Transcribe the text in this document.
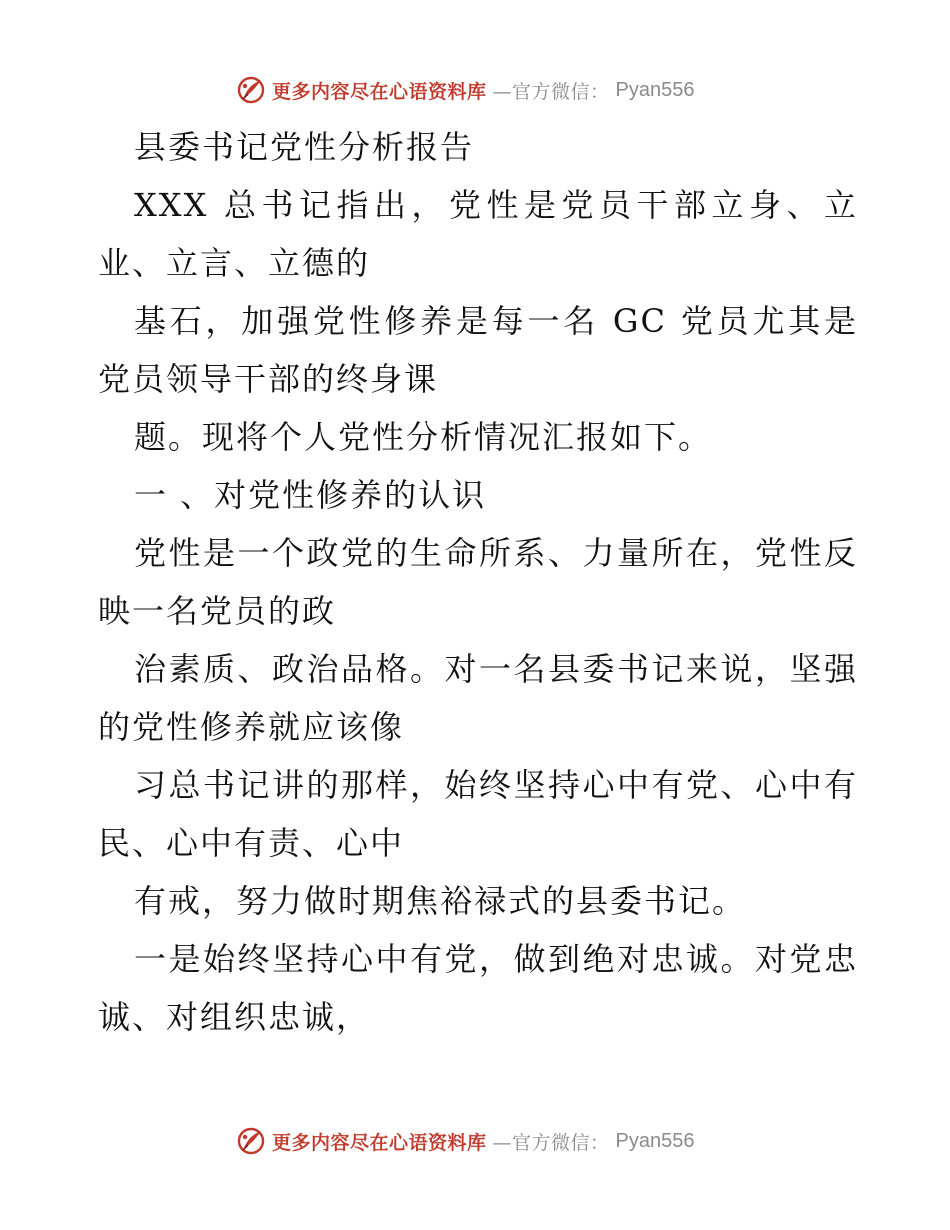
更多内容尽在心语资料库 —官方微信： Pyan556

县委书记党性分析报告

XXX 总书记指出，党性是党员干部立身、立业、立言、立德的

基石，加强党性修养是每一名 GC 党员尤其是党员领导干部的终身课

题。现将个人党性分析情况汇报如下。

一 、对党性修养的认识

党性是一个政党的生命所系、力量所在，党性反映一名党员的政

治素质、政治品格。对一名县委书记来说，坚强的党性修养就应该像

习总书记讲的那样，始终坚持心中有党、心中有民、心中有责、心中

有戒，努力做时期焦裕禄式的县委书记。

一是始终坚持心中有党，做到绝对忠诚。对党忠诚、对组织忠诚，

更多内容尽在心语资料库 —官方微信： Pyan556
